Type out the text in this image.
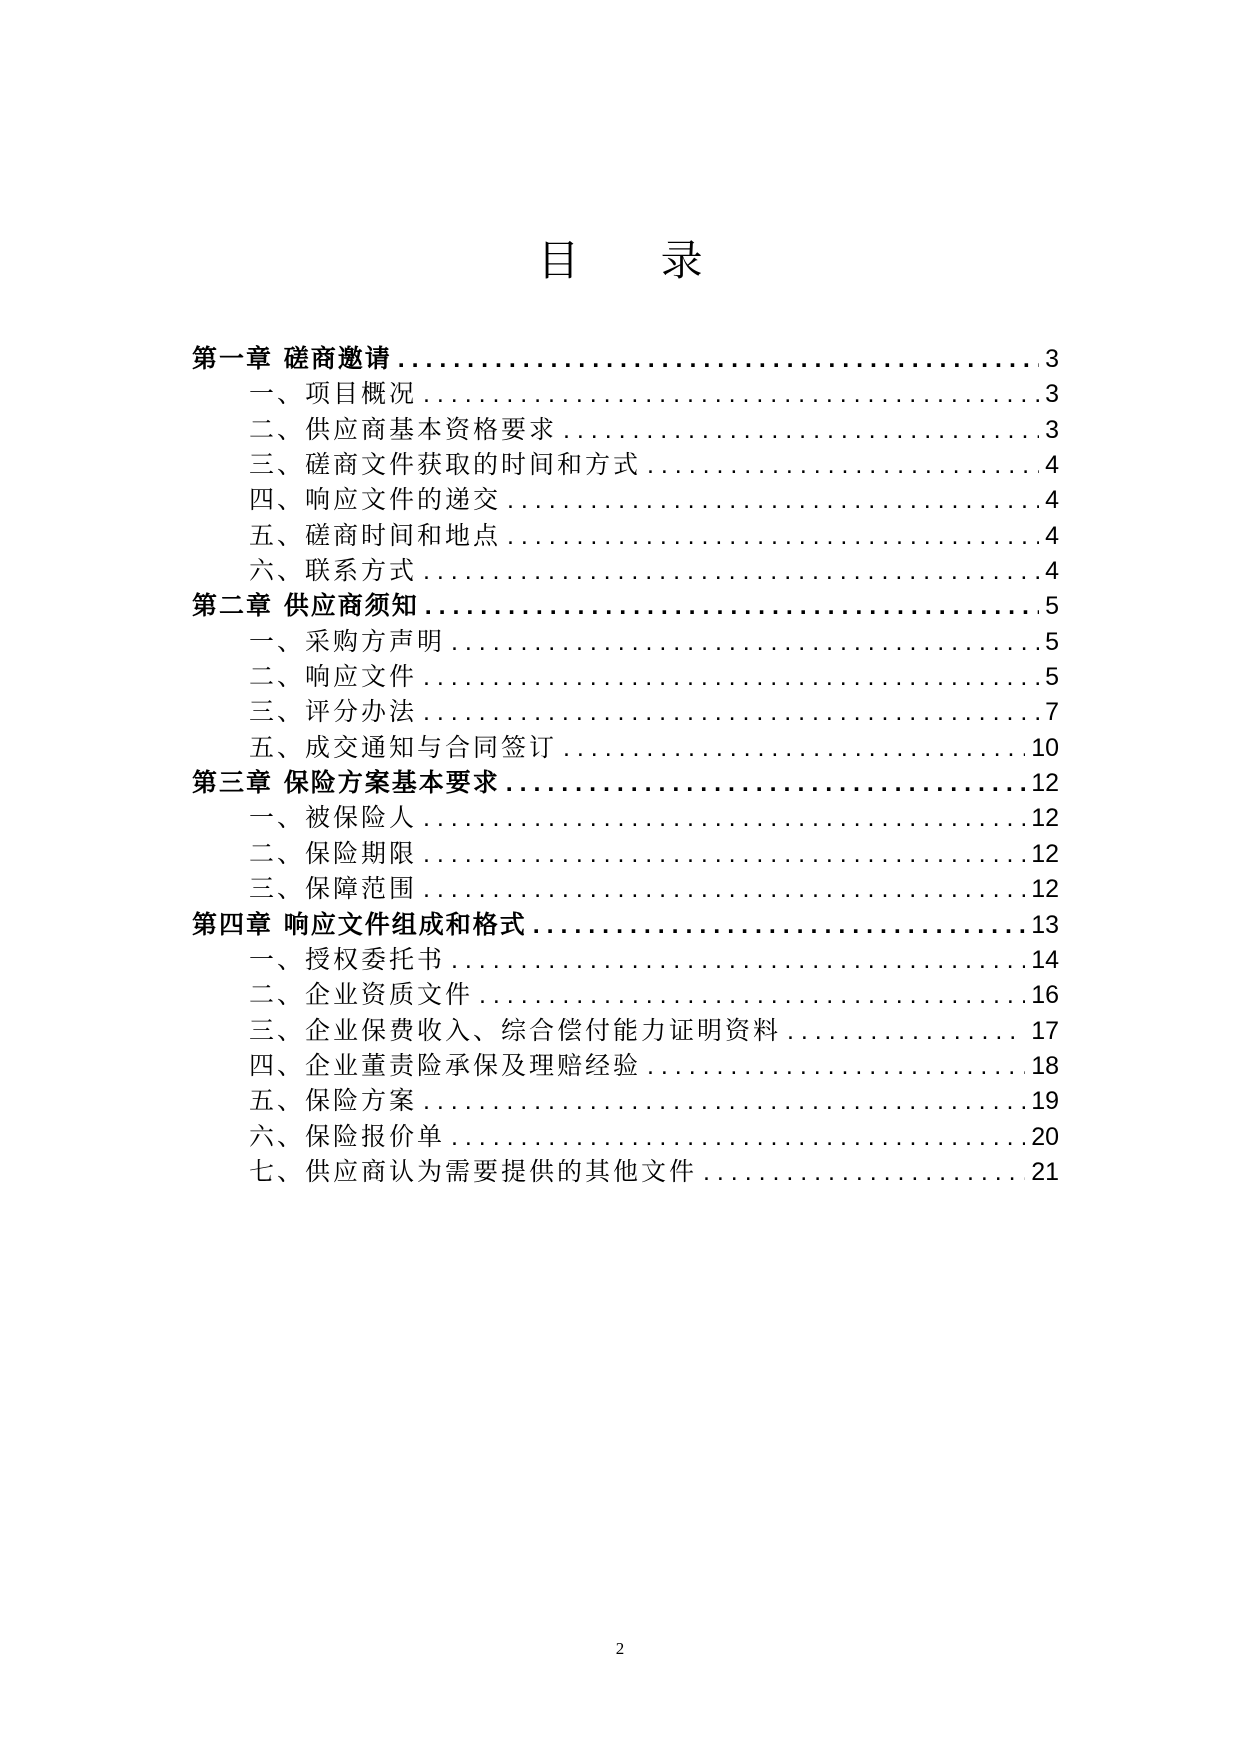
目 录
第一章 磋商邀请 . . .	3
一、项目概况 . . .	3
二、供应商基本资格要求 . . .	3
三、磋商文件获取的时间和方式 . . .	4
四、响应文件的递交 . . .	4
五、磋商时间和地点 . . .	4
六、联系方式 . . .	4
第二章 供应商须知 . . .	5
一、采购方声明 . . .	5
二、响应文件 . . .	5
三、评分办法 . . .	7
五、成交通知与合同签订 . . .	10
第三章 保险方案基本要求 . . .	12
一、被保险人 . . .	12
二、保险期限 . . .	12
三、保障范围 . . .	12
第四章 响应文件组成和格式 . . .	13
一、授权委托书 . . .	14
二、企业资质文件 . . .	16
三、企业保费收入、综合偿付能力证明资料 . . .	17
四、企业董责险承保及理赔经验 . . .	18
五、保险方案 . . .	19
六、保险报价单 . . .	20
七、供应商认为需要提供的其他文件 . . .	21
2
